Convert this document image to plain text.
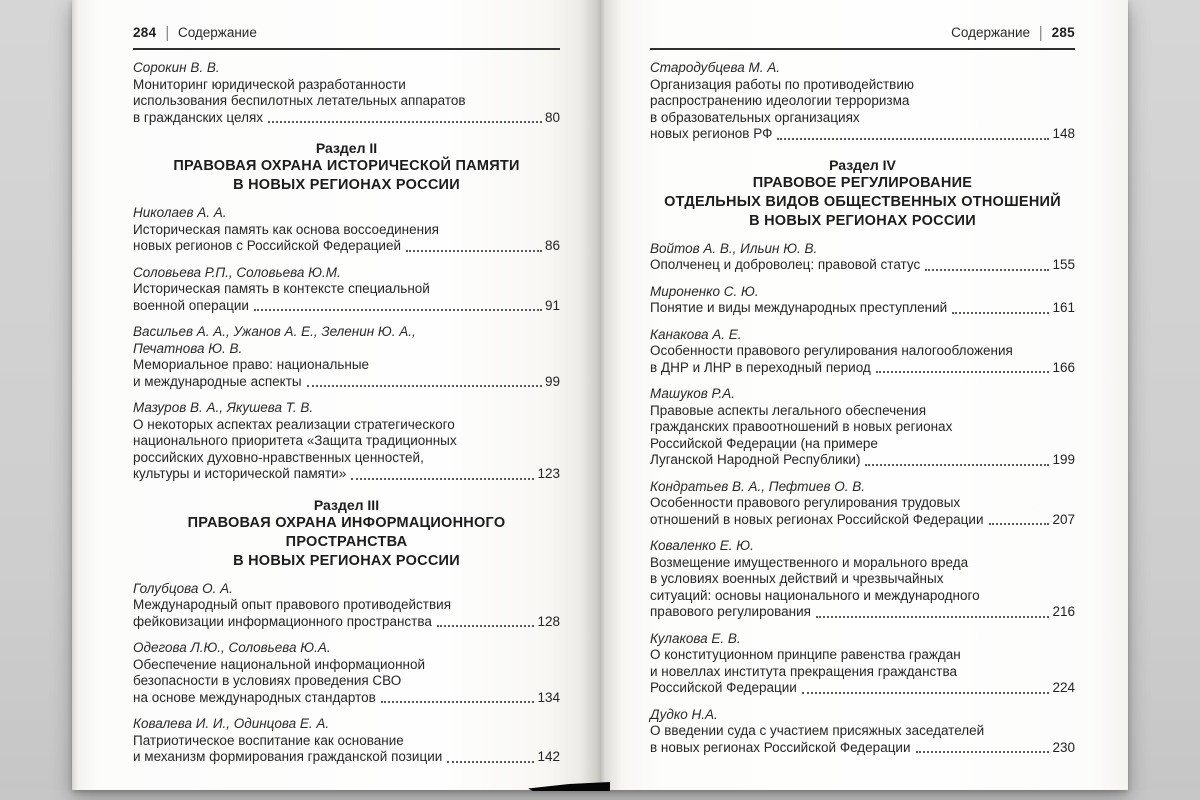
284 | Содержание
Сорокин В. В.
Мониторинг юридической разработанности
использования беспилотных летательных аппаратов
в гражданских целях	80
Раздел II
ПРАВОВАЯ ОХРАНА ИСТОРИЧЕСКОЙ ПАМЯТИ
В НОВЫХ РЕГИОНАХ РОССИИ
Николаев А. А.
Историческая память как основа воссоединения
новых регионов с Российской Федерацией	86
Соловьева Р.П., Соловьева Ю.М.
Историческая память в контексте специальной
военной операции	91
Васильев А. А., Ужанов А. Е., Зеленин Ю. А.,
Печатнова Ю. В.
Мемориальное право: национальные
и международные аспекты	99
Мазуров В. А., Якушева Т. В.
О некоторых аспектах реализации стратегического
национального приоритета «Защита традиционных
российских духовно-нравственных ценностей,
культуры и исторической памяти»	123
Раздел III
ПРАВОВАЯ ОХРАНА ИНФОРМАЦИОННОГО
ПРОСТРАНСТВА
В НОВЫХ РЕГИОНАХ РОССИИ
Голубцова О. А.
Международный опыт правового противодействия
фейковизации информационного пространства	128
Одегова Л.Ю., Соловьева Ю.А.
Обеспечение национальной информационной
безопасности в условиях проведения СВО
на основе международных стандартов	134
Ковалева И. И., Одинцова Е. А.
Патриотическое воспитание как основание
и механизм формирования гражданской позиции	142
Содержание | 285
Стародубцева М. А.
Организация работы по противодействию
распространению идеологии терроризма
в образовательных организациях
новых регионов РФ	148
Раздел IV
ПРАВОВОЕ РЕГУЛИРОВАНИЕ
ОТДЕЛЬНЫХ ВИДОВ ОБЩЕСТВЕННЫХ ОТНОШЕНИЙ
В НОВЫХ РЕГИОНАХ РОССИИ
Войтов А. В., Ильин Ю. В.
Ополченец и доброволец: правовой статус	155
Мироненко С. Ю.
Понятие и виды международных преступлений	161
Канакова А. Е.
Особенности правового регулирования налогообложения
в ДНР и ЛНР в переходный период	166
Машуков Р.А.
Правовые аспекты легального обеспечения
гражданских правоотношений в новых регионах
Российской Федерации (на примере
Луганской Народной Республики)	199
Кондратьев В. А., Пефтиев О. В.
Особенности правового регулирования трудовых
отношений в новых регионах Российской Федерации	207
Коваленко Е. Ю.
Возмещение имущественного и морального вреда
в условиях военных действий и чрезвычайных
ситуаций: основы национального и международного
правового регулирования	216
Кулакова Е. В.
О конституционном принципе равенства граждан
и новеллах института прекращения гражданства
Российской Федерации	224
Дудко Н.А.
О введении суда с участием присяжных заседателей
в новых регионах Российской Федерации	230
